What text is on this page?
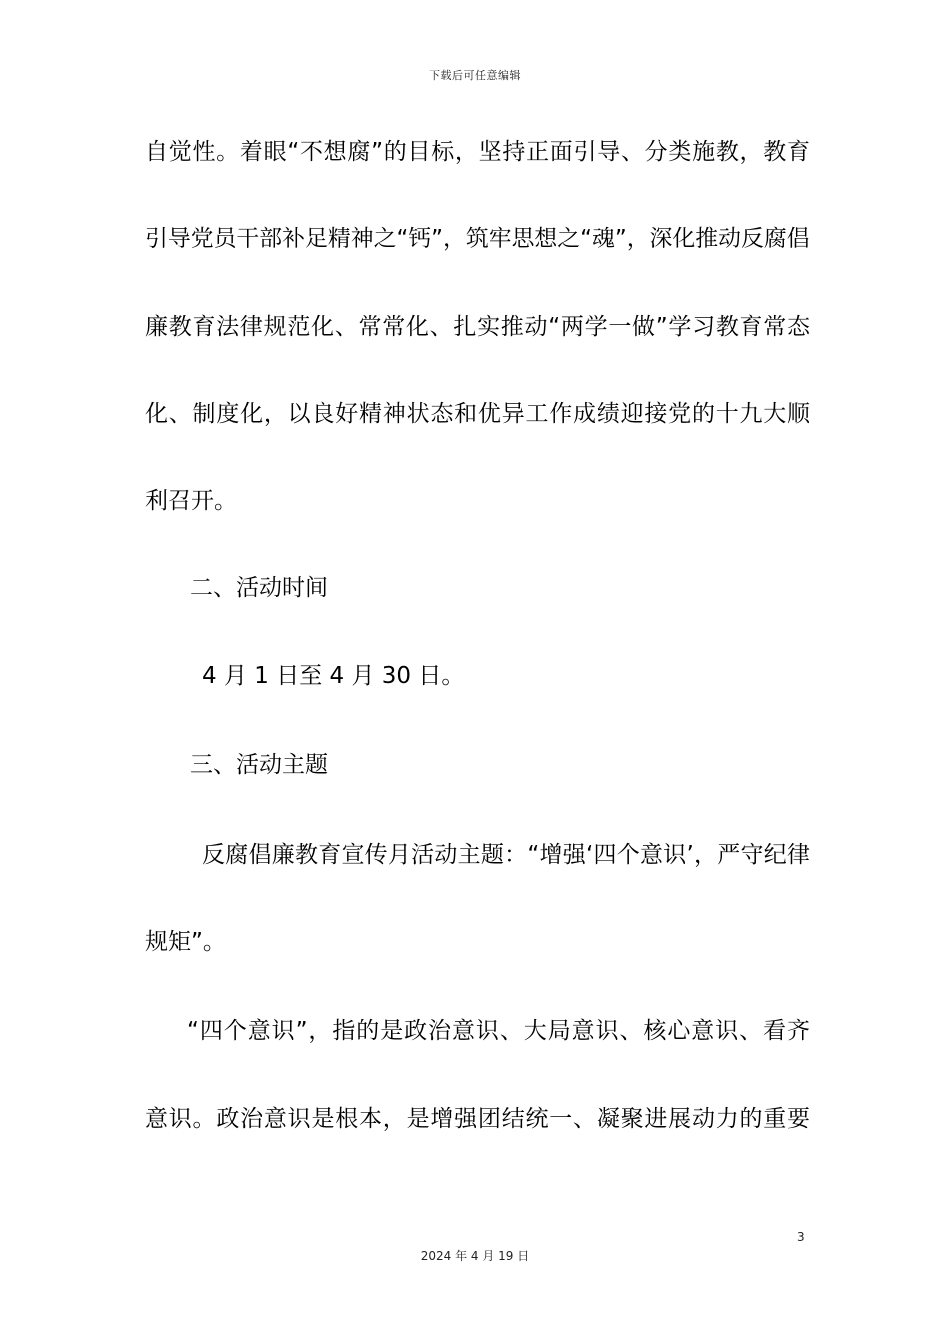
下载后可任意编辑
自觉性。着眼“不想腐”的目标，坚持正面引导、分类施教，教育
引导党员干部补足精神之“钙”，筑牢思想之“魂”，深化推动反腐倡
廉教育法律规范化、常常化、扎实推动“两学一做”学习教育常态
化、制度化，以良好精神状态和优异工作成绩迎接党的十九大顺
利召开。
二、活动时间
4 月 1 日至 4 月 30 日。
三、活动主题
反腐倡廉教育宣传月活动主题：“增强‘四个意识’，严守纪律
规矩”。
“四个意识”，指的是政治意识、大局意识、核心意识、看齐
意识。政治意识是根本，是增强团结统一、凝聚进展动力的重要
3
2024 年 4 月 19 日
